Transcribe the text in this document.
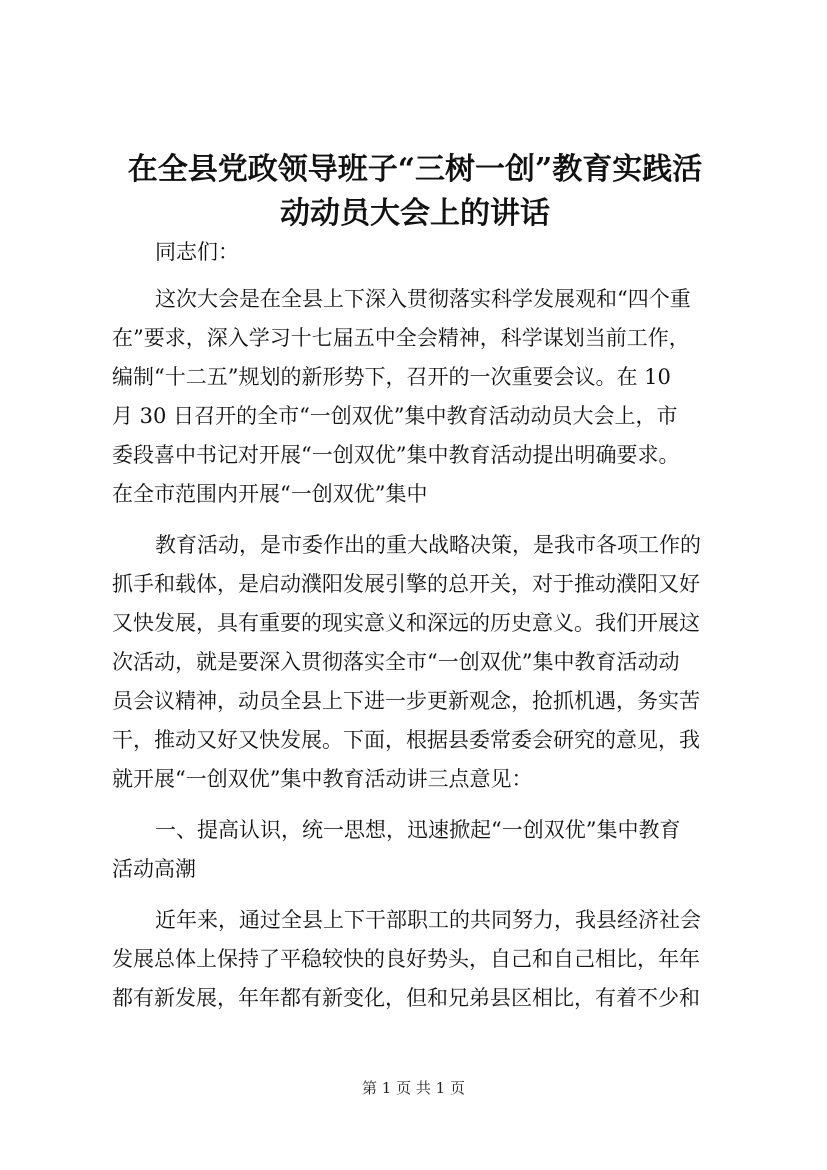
在全县党政领导班子“三树一创”教育实践活
动动员大会上的讲话

同志们：

这次大会是在全县上下深入贯彻落实科学发展观和“四个重

在”要求，深入学习十七届五中全会精神，科学谋划当前工作，

编制“十二五”规划的新形势下，召开的一次重要会议。在 10

月 30 日召开的全市“一创双优”集中教育活动动员大会上，市

委段喜中书记对开展“一创双优”集中教育活动提出明确要求。

在全市范围内开展“一创双优”集中

教育活动，是市委作出的重大战略决策，是我市各项工作的

抓手和载体，是启动濮阳发展引擎的总开关，对于推动濮阳又好

又快发展，具有重要的现实意义和深远的历史意义。我们开展这

次活动，就是要深入贯彻落实全市“一创双优”集中教育活动动

员会议精神，动员全县上下进一步更新观念，抢抓机遇，务实苦

干，推动又好又快发展。下面，根据县委常委会研究的意见，我

就开展“一创双优”集中教育活动讲三点意见：

一、提高认识，统一思想，迅速掀起“一创双优”集中教育

活动高潮

近年来，通过全县上下干部职工的共同努力，我县经济社会

发展总体上保持了平稳较快的良好势头，自己和自己相比，年年

都有新发展，年年都有新变化，但和兄弟县区相比，有着不少和

第 1 页 共 1 页
